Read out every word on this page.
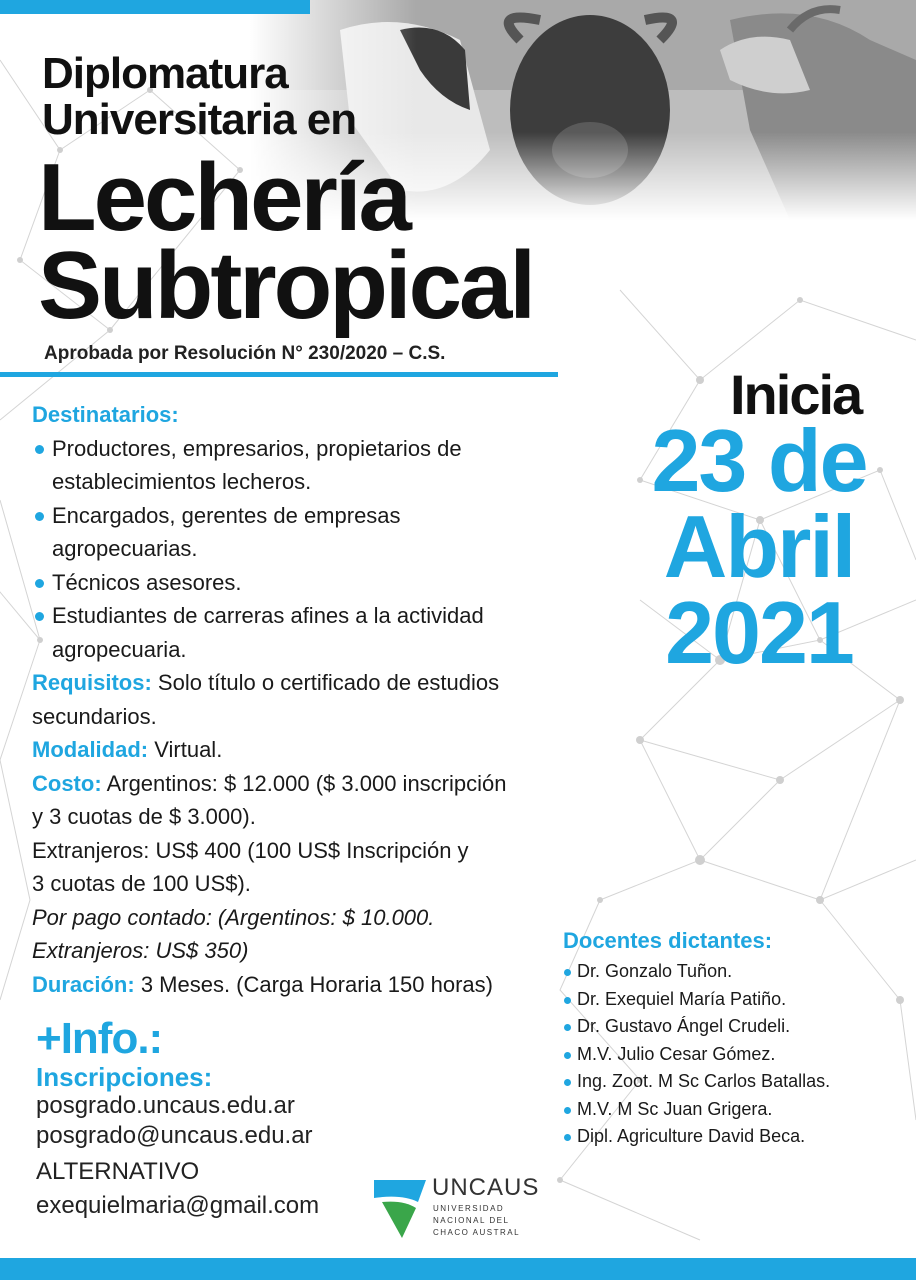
Diplomatura
Universitaria en
Lechería
Subtropical
Aprobada por Resolución N° 230/2020 – C.S.
Destinatarios:
Productores, empresarios, propietarios de
establecimientos lecheros.
Encargados, gerentes de empresas
agropecuarias.
Técnicos asesores.
Estudiantes de carreras afines a la actividad
agropecuaria.
Requisitos: Solo título o certificado de estudios
secundarios.
Modalidad: Virtual.
Costo: Argentinos: $ 12.000 ($ 3.000 inscripción
y 3 cuotas de $ 3.000).
Extranjeros: US$ 400 (100 US$ Inscripción y
3 cuotas de 100 US$).
Por pago contado: (Argentinos: $ 10.000.
Extranjeros: US$ 350)
Duración: 3 Meses. (Carga Horaria 150 horas)
Inicia
23 de
Abril
2021
+Info.:
Inscripciones:
posgrado.uncaus.edu.ar
posgrado@uncaus.edu.ar
ALTERNATIVO
exequielmaria@gmail.com
Docentes dictantes:
Dr. Gonzalo Tuñon.
Dr. Exequiel María Patiño.
Dr. Gustavo Ángel Crudeli.
M.V. Julio Cesar Gómez.
Ing. Zoot. M Sc Carlos Batallas.
M.V. M Sc Juan Grigera.
Dipl. Agriculture David Beca.
UNCAUS
UNIVERSIDAD
NACIONAL DEL
CHACO AUSTRAL
